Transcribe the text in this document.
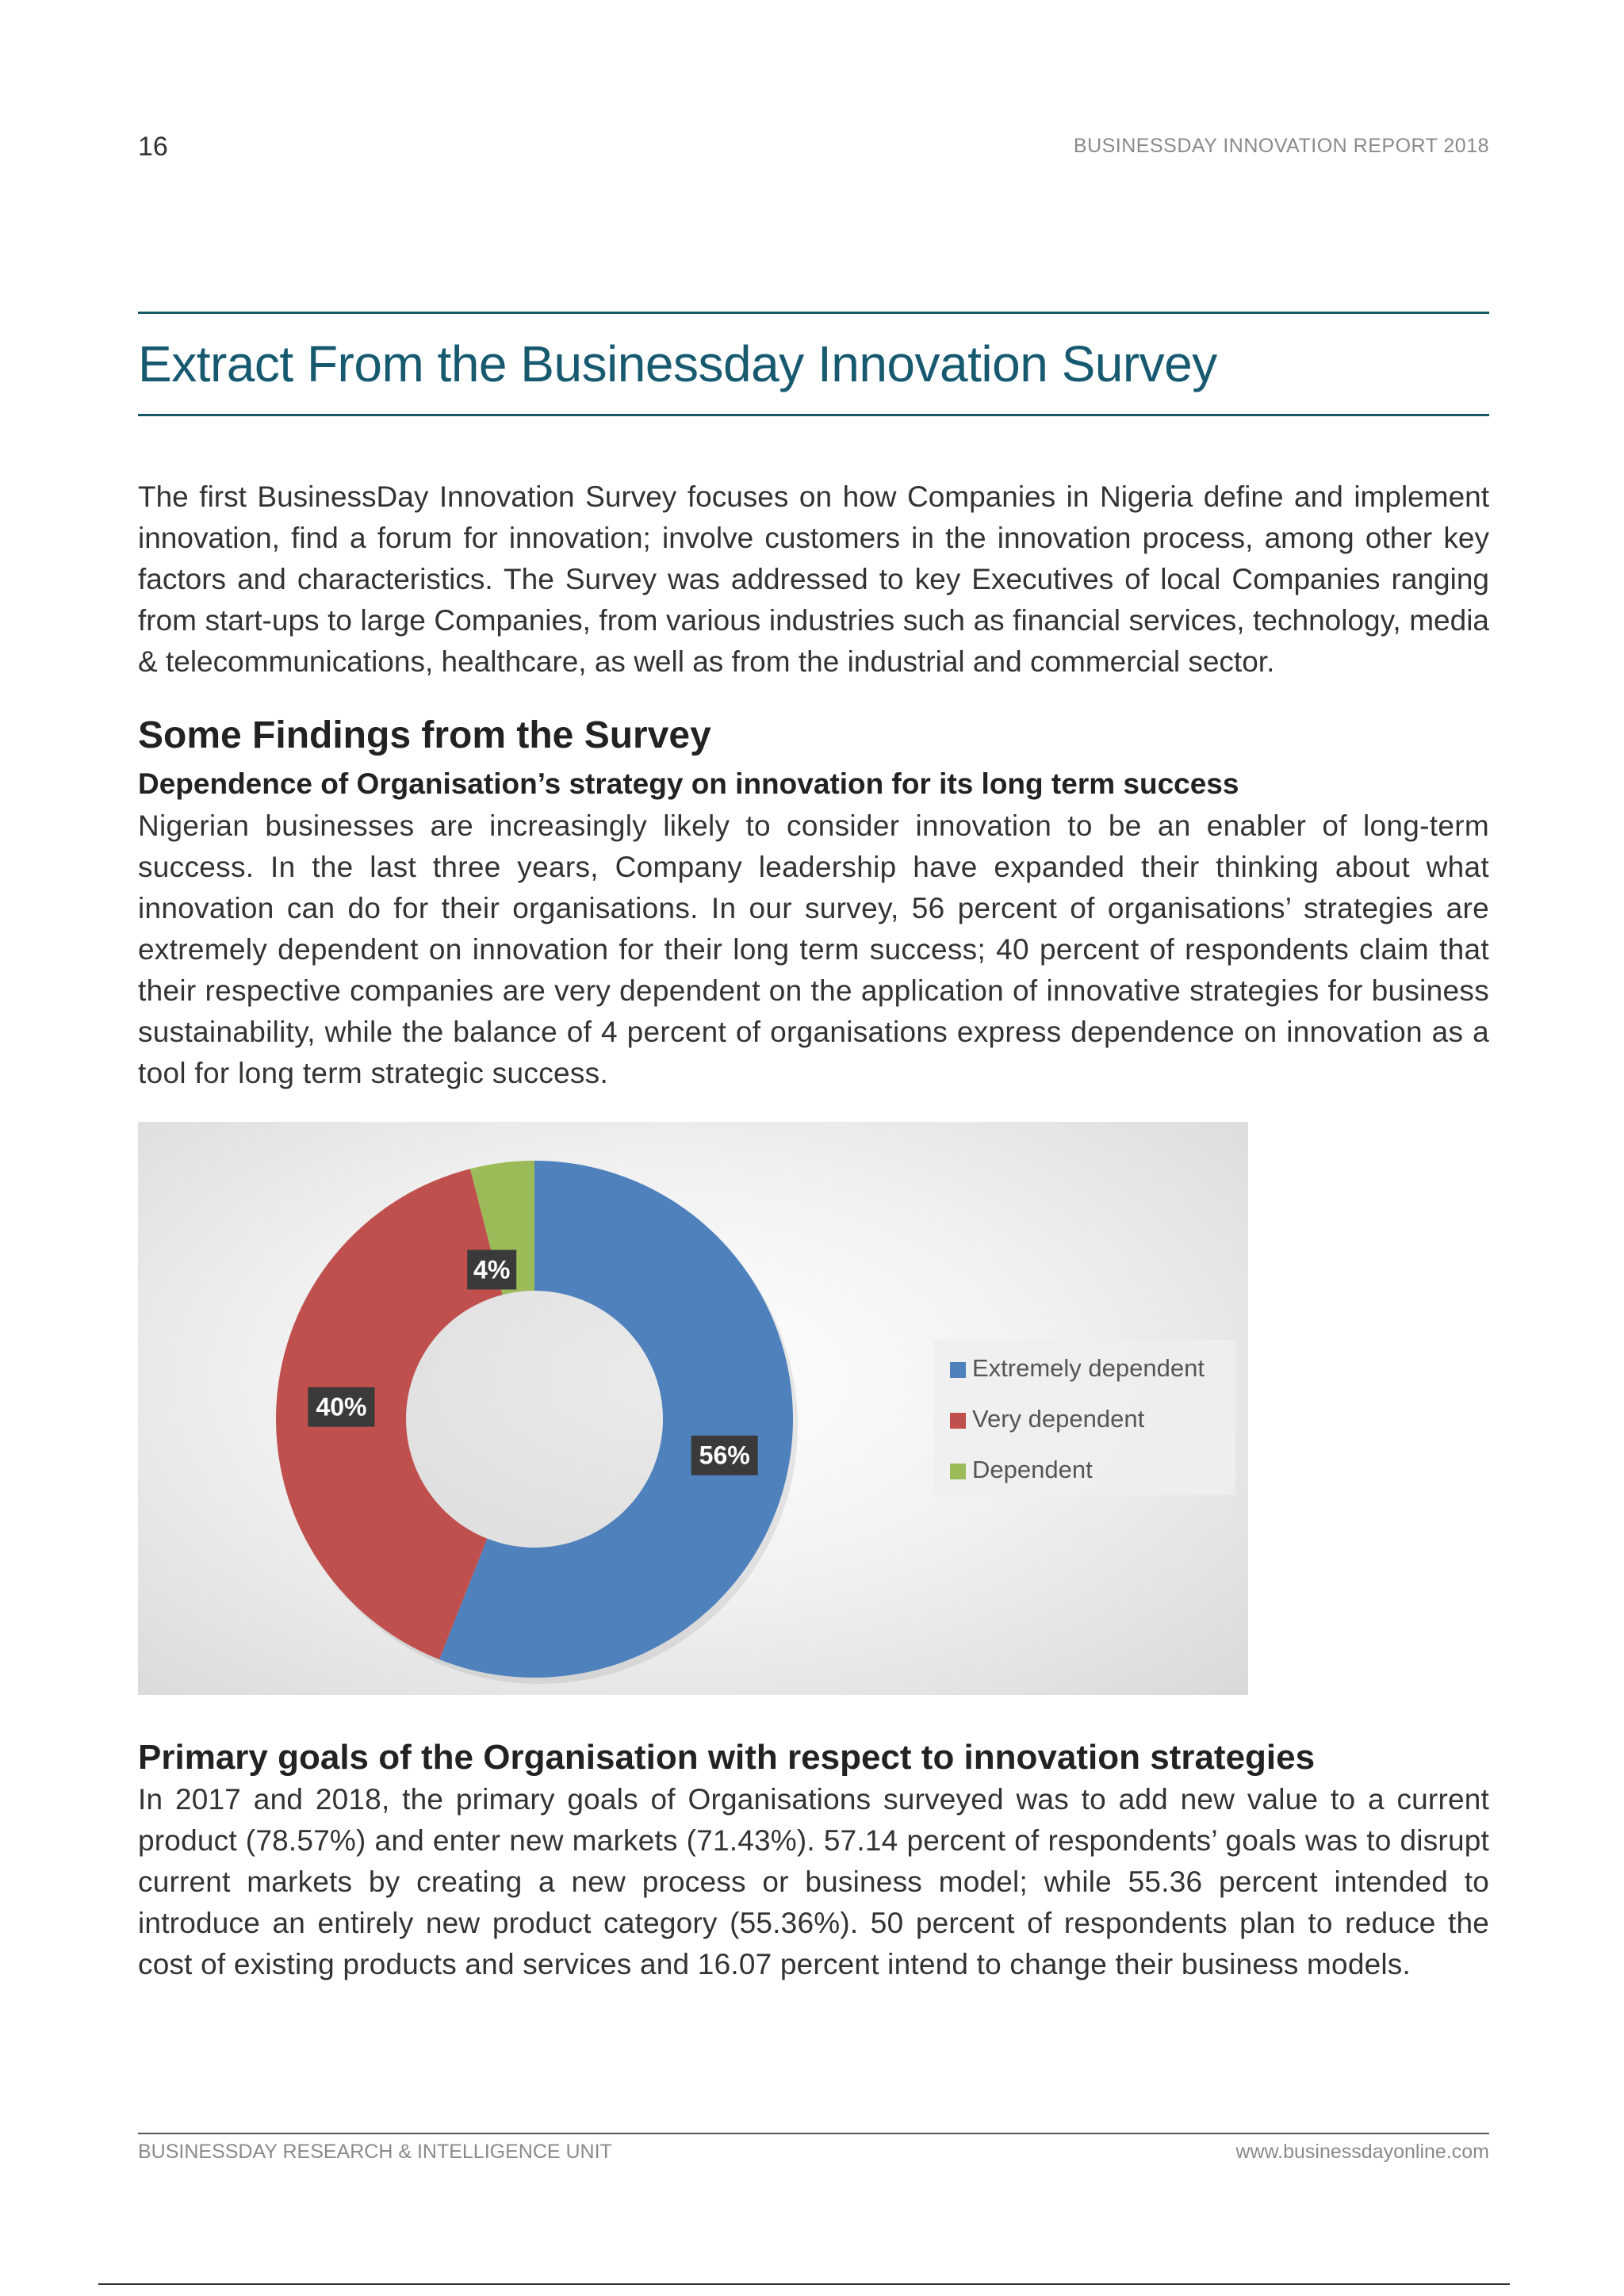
16	BUSINESSDAY INNOVATION REPORT 2018
Extract From the Businessday Innovation Survey

The first BusinessDay Innovation Survey focuses on how Companies in Nigeria define and implement innovation, find a forum for innovation; involve customers in the innovation process, among other key factors and characteristics. The Survey was addressed to key Executives of local Companies ranging from start-ups to large Companies, from various industries such as financial services, technology, media & telecommunications, healthcare, as well as from the industrial and commercial sector.

Some Findings from the Survey
Dependence of Organisation’s strategy on innovation for its long term success

Nigerian businesses are increasingly likely to consider innovation to be an enabler of long-term success. In the last three years, Company leadership have expanded their thinking about what innovation can do for their organisations. In our survey, 56 percent of organisations’ strategies are extremely dependent on innovation for their long term success; 40 percent of respondents claim that their respective companies are very dependent on the application of innovative strategies for business sustainability, while the balance of 4 percent of organisations express dependence on innovation as a tool for long term strategic success.

56%
40%
4%
Extremely dependent
Very dependent
Dependent
Primary goals of the Organisation with respect to innovation strategies

In 2017 and 2018, the primary goals of Organisations surveyed was to add new value to a current product (78.57%) and enter new markets (71.43%). 57.14 percent of respondents’ goals was to disrupt current markets by creating a new process or business model; while 55.36 percent intended to introduce an entirely new product category (55.36%). 50 percent of respondents plan to reduce the cost of existing products and services and 16.07 percent intend to change their business models.

BUSINESSDAY RESEARCH & INTELLIGENCE UNIT	www.businessdayonline.com
